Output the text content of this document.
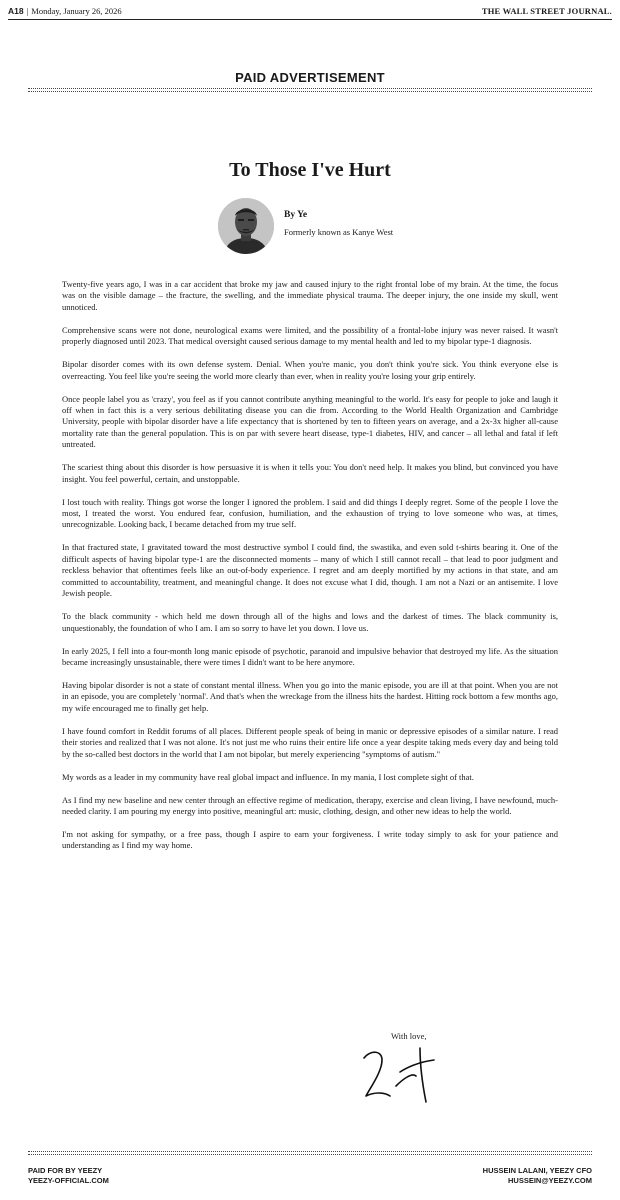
A18 | Monday, January 26, 2026	THE WALL STREET JOURNAL.
PAID ADVERTISEMENT
To Those I've Hurt
By Ye
Formerly known as Kanye West

Twenty-five years ago, I was in a car accident that broke my jaw and caused injury to the right frontal lobe of my brain. At the time, the focus was on the visible damage – the fracture, the swelling, and the immediate physical trauma. The deeper injury, the one inside my skull, went unnoticed.

Comprehensive scans were not done, neurological exams were limited, and the possibility of a frontal-lobe injury was never raised. It wasn't properly diagnosed until 2023. That medical oversight caused serious damage to my mental health and led to my bipolar type-1 diagnosis.

Bipolar disorder comes with its own defense system. Denial. When you're manic, you don't think you're sick. You think everyone else is overreacting. You feel like you're seeing the world more clearly than ever, when in reality you're losing your grip entirely.

Once people label you as 'crazy', you feel as if you cannot contribute anything meaningful to the world. It's easy for people to joke and laugh it off when in fact this is a very serious debilitating disease you can die from. According to the World Health Organization and Cambridge University, people with bipolar disorder have a life expectancy that is shortened by ten to fifteen years on average, and a 2x-3x higher all-cause mortality rate than the general population. This is on par with severe heart disease, type-1 diabetes, HIV, and cancer – all lethal and fatal if left untreated.

The scariest thing about this disorder is how persuasive it is when it tells you: You don't need help. It makes you blind, but convinced you have insight. You feel powerful, certain, and unstoppable.

I lost touch with reality. Things got worse the longer I ignored the problem. I said and did things I deeply regret. Some of the people I love the most, I treated the worst. You endured fear, confusion, humiliation, and the exhaustion of trying to love someone who was, at times, unrecognizable. Looking back, I became detached from my true self.

In that fractured state, I gravitated toward the most destructive symbol I could find, the swastika, and even sold t-shirts bearing it. One of the difficult aspects of having bipolar type-1 are the disconnected moments – many of which I still cannot recall – that lead to poor judgment and reckless behavior that oftentimes feels like an out-of-body experience. I regret and am deeply mortified by my actions in that state, and am committed to accountability, treatment, and meaningful change. It does not excuse what I did, though. I am not a Nazi or an antisemite. I love Jewish people.

To the black community - which held me down through all of the highs and lows and the darkest of times. The black community is, unquestionably, the foundation of who I am. I am so sorry to have let you down. I love us.

In early 2025, I fell into a four-month long manic episode of psychotic, paranoid and impulsive behavior that destroyed my life. As the situation became increasingly unsustainable, there were times I didn't want to be here anymore.

Having bipolar disorder is not a state of constant mental illness. When you go into the manic episode, you are ill at that point. When you are not in an episode, you are completely 'normal'. And that's when the wreckage from the illness hits the hardest. Hitting rock bottom a few months ago, my wife encouraged me to finally get help.

I have found comfort in Reddit forums of all places. Different people speak of being in manic or depressive episodes of a similar nature. I read their stories and realized that I was not alone. It's not just me who ruins their entire life once a year despite taking meds every day and being told by the so-called best doctors in the world that I am not bipolar, but merely experiencing "symptoms of autism."

My words as a leader in my community have real global impact and influence. In my mania, I lost complete sight of that.

As I find my new baseline and new center through an effective regime of medication, therapy, exercise and clean living, I have newfound, much-needed clarity. I am pouring my energy into positive, meaningful art: music, clothing, design, and other new ideas to help the world.

I'm not asking for sympathy, or a free pass, though I aspire to earn your forgiveness. I write today simply to ask for your patience and understanding as I find my way home.

With love,
PAID FOR BY YEEZY
YEEZY-OFFICIAL.COM
HUSSEIN LALANI, YEEZY CFO
HUSSEIN@YEEZY.COM
